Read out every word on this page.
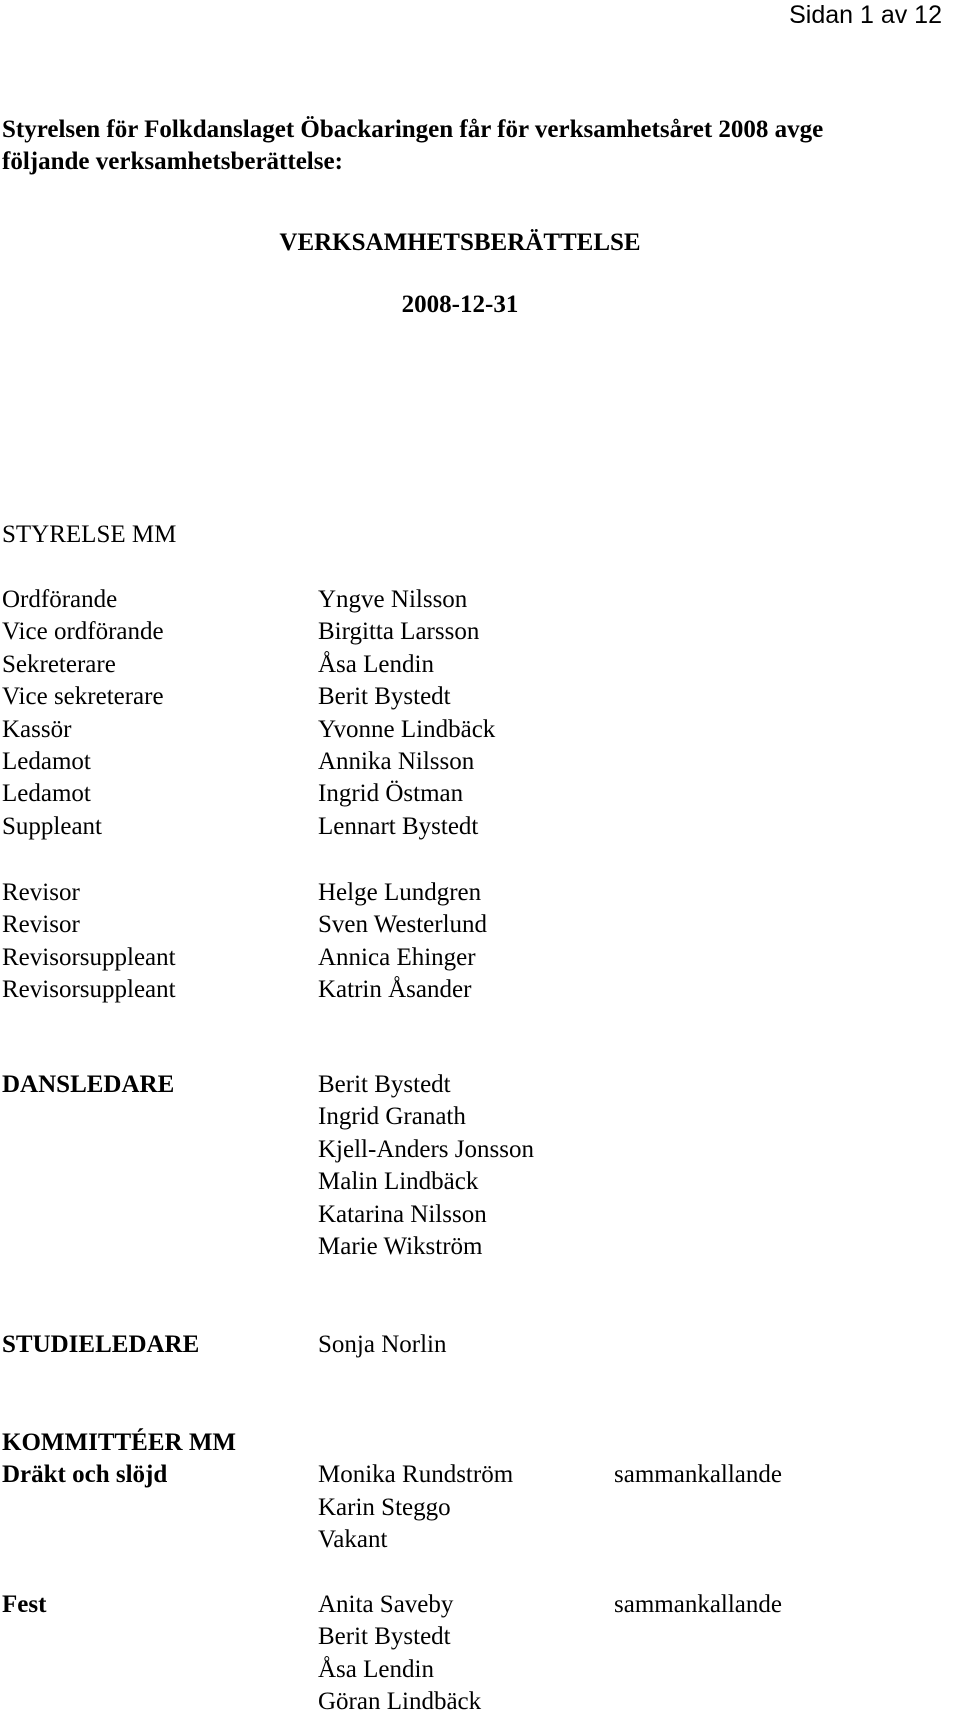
Sidan 1 av 12
VERKSAMHETSBERÄTTELSE
2008-12-31
Styrelsen för Folkdanslaget Öbackaringen får för verksamhetsåret 2008 avge
följande verksamhetsberättelse:
STYRELSE MM
Ordförande	Yngve Nilsson
Vice ordförande	Birgitta Larsson
Sekreterare	Åsa Lendin
Vice sekreterare	Berit Bystedt
Kassör	Yvonne Lindbäck
Ledamot	Annika Nilsson
Ledamot	Ingrid Östman
Suppleant	Lennart Bystedt
Revisor	Helge Lundgren
Revisor	Sven Westerlund
Revisorsuppleant	Annica Ehinger
Revisorsuppleant	Katrin Åsander
DANSLEDARE	Berit Bystedt
Ingrid Granath
Kjell-Anders Jonsson
Malin Lindbäck
Katarina Nilsson
Marie Wikström
STUDIELEDARE	Sonja Norlin
KOMMITTÉER MM
Dräkt och slöjd	Monika Rundström	sammankallande
Karin Steggo
Vakant
Fest	Anita Saveby	sammankallande
Berit Bystedt
Åsa Lendin
Göran Lindbäck
